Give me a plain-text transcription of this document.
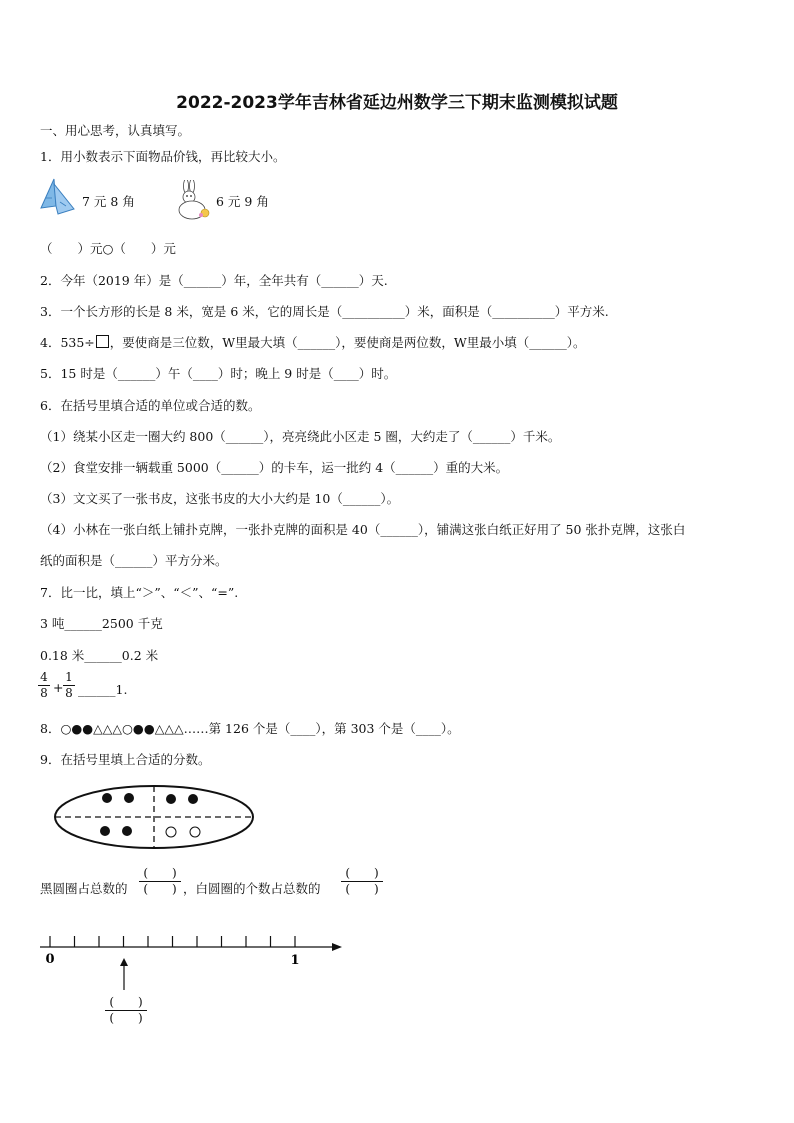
2022-2023学年吉林省延边州数学三下期末监测模拟试题
一、用心思考，认真填写。
1．用小数表示下面物品价钱，再比较大小。
7 元 8 角	6 元 9 角
（　　）元○（　　）元
2．今年（2019 年）是（______）年，全年共有（______）天.
3．一个长方形的长是 8 米，宽是 6 米，它的周长是（__________）米，面积是（__________）平方米.
4．535÷ ，要使商是三位数，W里最大填（______），要使商是两位数，W里最小填（______）。
5．15 时是（______）午（____）时；晚上 9 时是（____）时。
6．在括号里填合适的单位或合适的数。
（1）绕某小区走一圈大约 800（______），亮亮绕此小区走 5 圈，大约走了（______）千米。
（2）食堂安排一辆载重 5000（______）的卡车，运一批约 4（______）重的大米。
（3）文文买了一张书皮，这张书皮的大小大约是 10（______）。
（4）小林在一张白纸上铺扑克牌，一张扑克牌的面积是 40（______），铺满这张白纸正好用了 50 张扑克牌，这张白
纸的面积是（______）平方分米。
7．比一比，填上“＞”、“＜”、“=”.
3 吨______2500 千克
0.18 米______0.2 米
$\frac{4}{8} + \frac{1}{8}$ ______1.
8．○●●△△△○●●△△△……第 126 个是（____），第 303 个是（____）。
9．在括号里填上合适的分数。
黑圆圈占总数的
(　　)
(　　) ，白圆圈的个数占总数的
(　　)
(　　)
0	1
(　　)
(　　)
